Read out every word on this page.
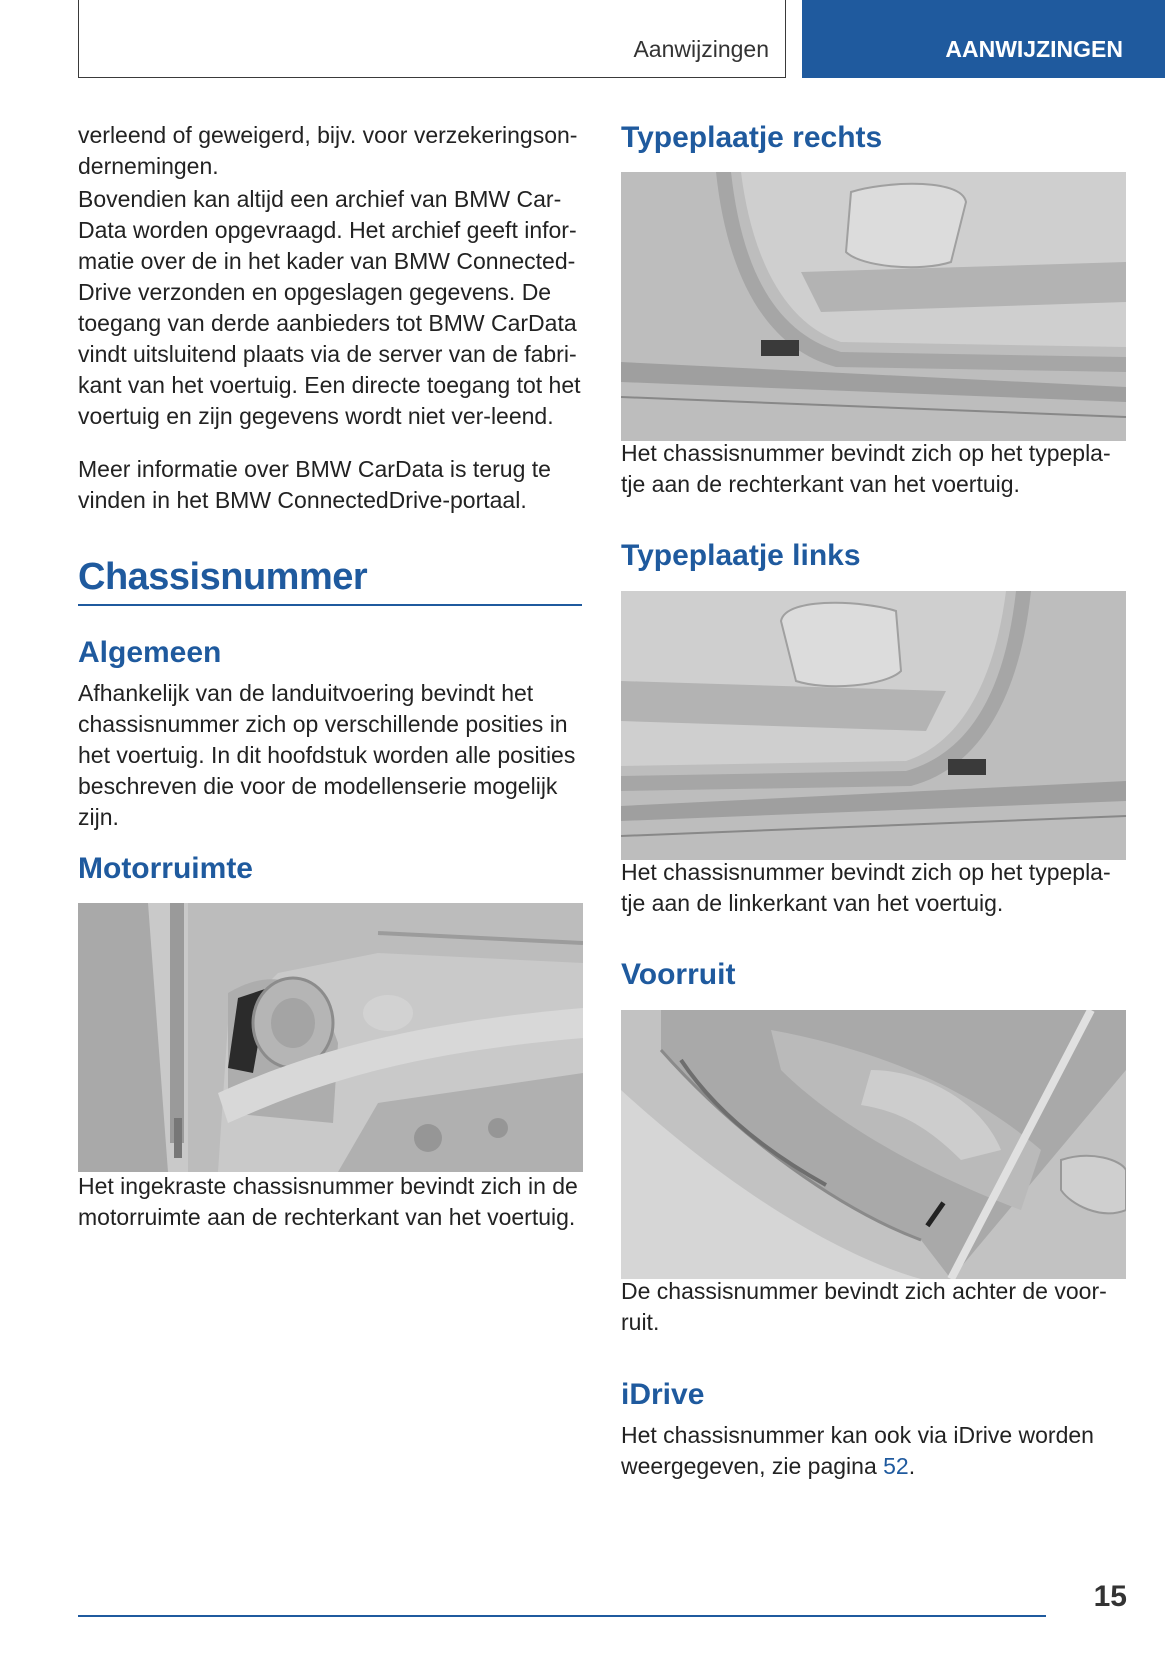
Aanwijzingen	AANWIJZINGEN
verleend of geweigerd, bijv. voor verzekeringson-dernemingen.
Bovendien kan altijd een archief van BMW Car-Data worden opgevraagd. Het archief geeft infor-matie over de in het kader van BMW Connected-Drive verzonden en opgeslagen gegevens. De toegang van derde aanbieders tot BMW CarData vindt uitsluitend plaats via de server van de fabri-kant van het voertuig. Een directe toegang tot het voertuig en zijn gegevens wordt niet ver-leend.
Meer informatie over BMW CarData is terug te vinden in het BMW ConnectedDrive-portaal.
Chassisnummer
Algemeen
Afhankelijk van de landuitvoering bevindt het chassisnummer zich op verschillende posities in het voertuig. In dit hoofdstuk worden alle posities beschreven die voor de modellenserie mogelijk zijn.
Motorruimte
Het ingekraste chassisnummer bevindt zich in de motorruimte aan de rechterkant van het voertuig.
Typeplaatje rechts
Het chassisnummer bevindt zich op het typepla-tje aan de rechterkant van het voertuig.
Typeplaatje links
Het chassisnummer bevindt zich op het typepla-tje aan de linkerkant van het voertuig.
Voorruit
De chassisnummer bevindt zich achter de voor-ruit.
iDrive
Het chassisnummer kan ook via iDrive worden weergegeven, zie pagina 52.
15
